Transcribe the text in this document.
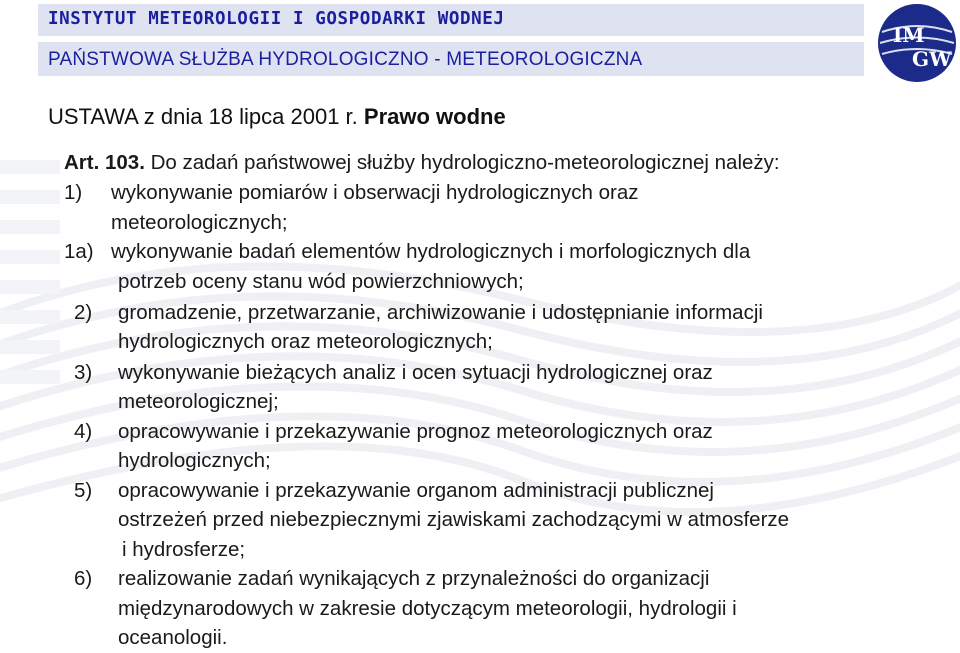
INSTYTUT METEOROLOGII I GOSPODARKI WODNEJ
PAŃSTWOWA SŁUŻBA HYDROLOGICZNO - METEOROLOGICZNA
IM
GW
USTAWA z dnia 18 lipca 2001 r. Prawo wodne
Art. 103. Do zadań państwowej służby hydrologiczno-meteorologicznej należy:
1) wykonywanie pomiarów i obserwacji hydrologicznych oraz
meteorologicznych;
1a) wykonywanie badań elementów hydrologicznych i morfologicznych dla
potrzeb oceny stanu wód powierzchniowych;
2) gromadzenie, przetwarzanie, archiwizowanie i udostępnianie informacji
hydrologicznych oraz meteorologicznych;
3) wykonywanie bieżących analiz i ocen sytuacji hydrologicznej oraz
meteorologicznej;
4) opracowywanie i przekazywanie prognoz meteorologicznych oraz
hydrologicznych;
5) opracowywanie i przekazywanie organom administracji publicznej
ostrzeżeń przed niebezpiecznymi zjawiskami zachodzącymi w atmosferze
i hydrosferze;
6) realizowanie zadań wynikających z przynależności do organizacji
międzynarodowych w zakresie dotyczącym meteorologii, hydrologii i
oceanologii.
